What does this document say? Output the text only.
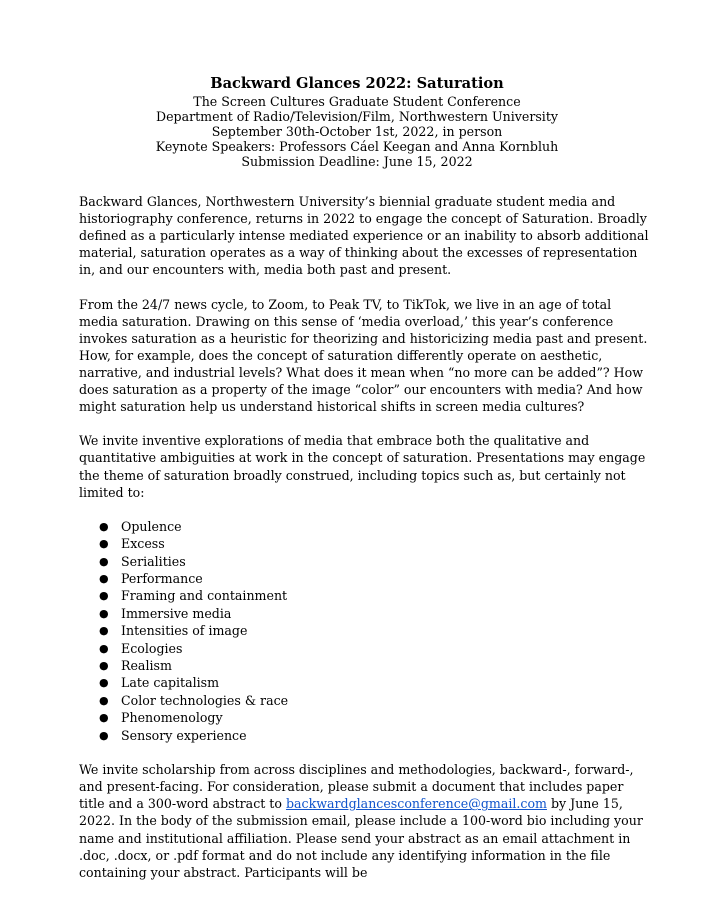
Backward Glances 2022: Saturation
The Screen Cultures Graduate Student Conference
Department of Radio/Television/Film, Northwestern University
September 30th-October 1st, 2022, in person
Keynote Speakers: Professors Cáel Keegan and Anna Kornbluh
Submission Deadline: June 15, 2022

Backward Glances, Northwestern University’s biennial graduate student media and historiography conference, returns in 2022 to engage the concept of Saturation. Broadly defined as a particularly intense mediated experience or an inability to absorb additional material, saturation operates as a way of thinking about the excesses of representation in, and our encounters with, media both past and present.

From the 24/7 news cycle, to Zoom, to Peak TV, to TikTok, we live in an age of total media saturation. Drawing on this sense of ‘media overload,’ this year’s conference invokes saturation as a heuristic for theorizing and historicizing media past and present. How, for example, does the concept of saturation differently operate on aesthetic, narrative, and industrial levels? What does it mean when “no more can be added”? How does saturation as a property of the image “color” our encounters with media? And how might saturation help us understand historical shifts in screen media cultures?

We invite inventive explorations of media that embrace both the qualitative and quantitative ambiguities at work in the concept of saturation. Presentations may engage the theme of saturation broadly construed, including topics such as, but certainly not limited to:

● Opulence
● Excess
● Serialities
● Performance
● Framing and containment
● Immersive media
● Intensities of image
● Ecologies
● Realism
● Late capitalism
● Color technologies & race
● Phenomenology
● Sensory experience

We invite scholarship from across disciplines and methodologies, backward-, forward-, and present-facing. For consideration, please submit a document that includes paper title and a 300-word abstract to backwardglancesconference@gmail.com by June 15, 2022. In the body of the submission email, please include a 100-word bio including your name and institutional affiliation. Please send your abstract as an email attachment in .doc, .docx, or .pdf format and do not include any identifying information in the file containing your abstract. Participants will be
